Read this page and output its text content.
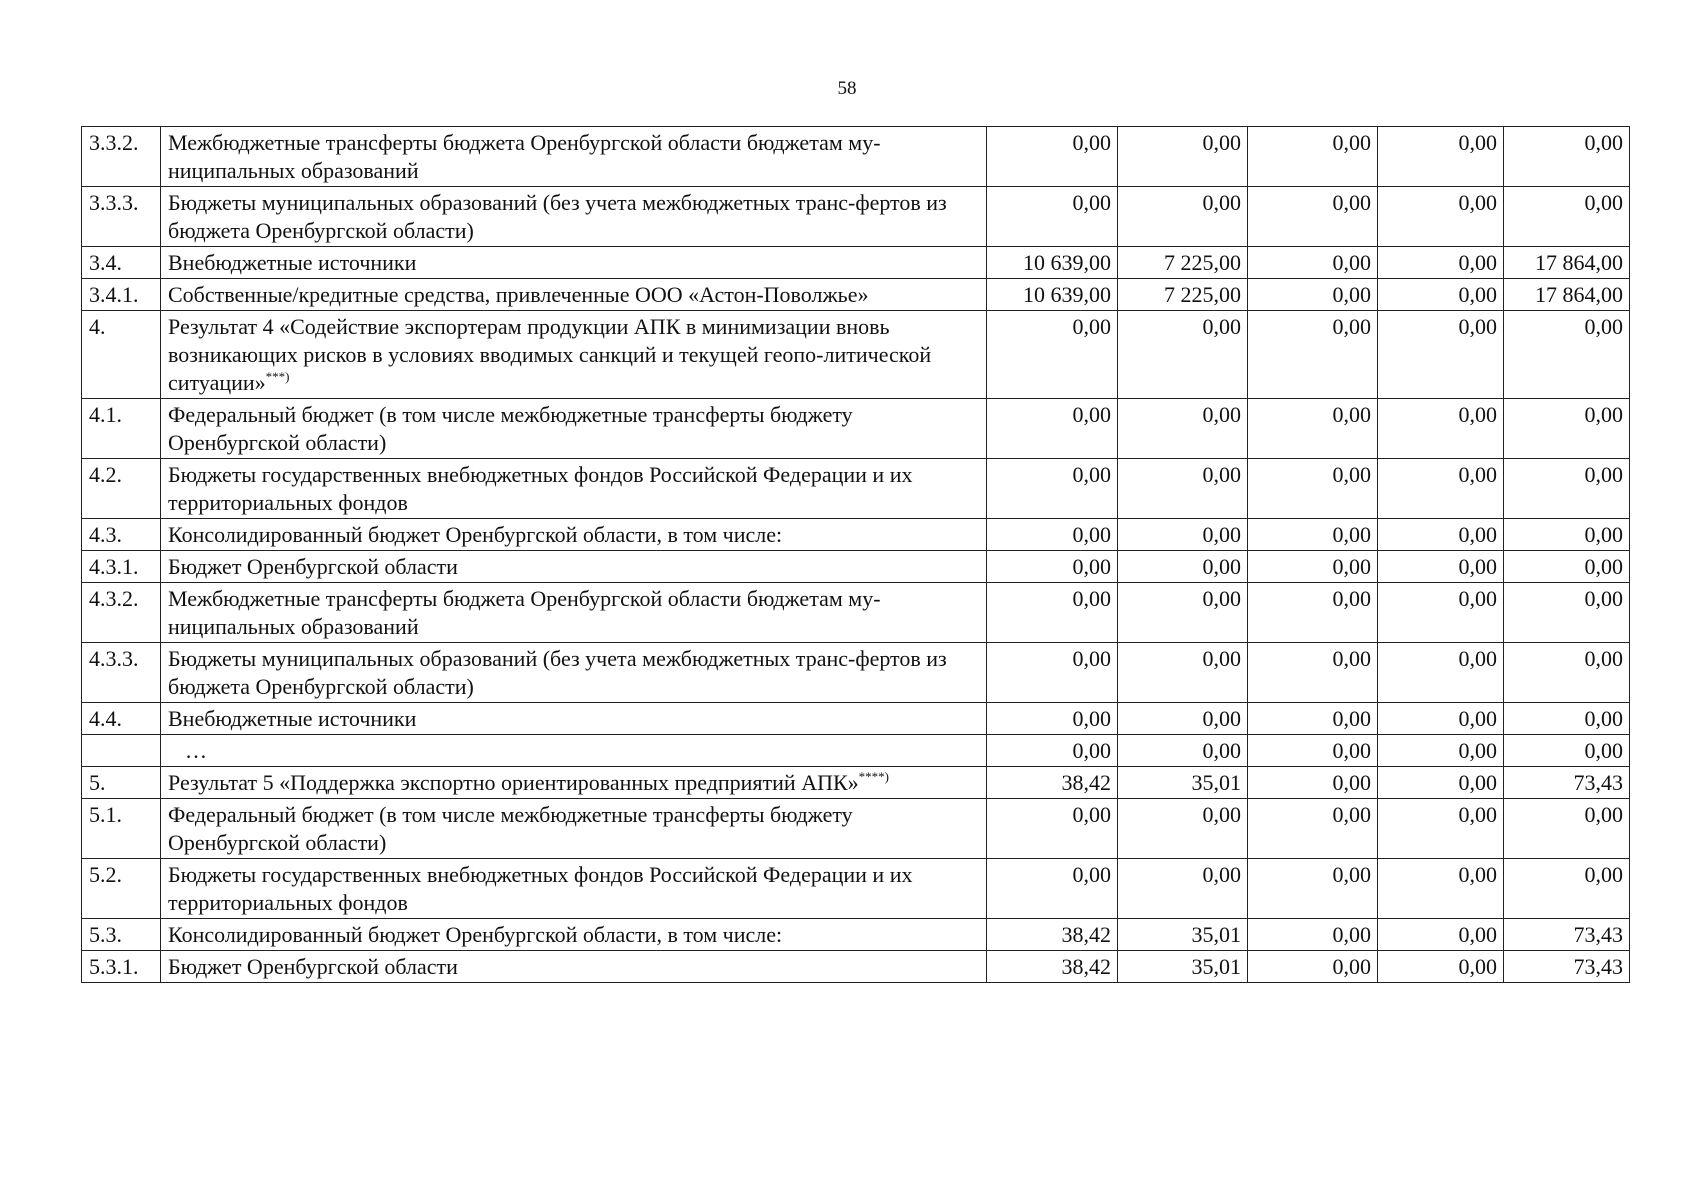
58
3.3.2.	Межбюджетные трансферты бюджета Оренбургской области бюджетам му-ниципальных образований	0,00	0,00	0,00	0,00	0,00
3.3.3.	Бюджеты муниципальных образований (без учета межбюджетных транс-фертов из бюджета Оренбургской области)	0,00	0,00	0,00	0,00	0,00
3.4.	Внебюджетные источники	10 639,00	7 225,00	0,00	0,00	17 864,00
3.4.1.	Собственные/кредитные средства, привлеченные ООО «Астон-Поволжье»	10 639,00	7 225,00	0,00	0,00	17 864,00
4.	Результат 4 «Содействие экспортерам продукции АПК в минимизации вновь возникающих рисков в условиях вводимых санкций и текущей геопо-литической ситуации»***)	0,00	0,00	0,00	0,00	0,00
4.1.	Федеральный бюджет (в том числе межбюджетные трансферты бюджету Оренбургской области)	0,00	0,00	0,00	0,00	0,00
4.2.	Бюджеты государственных внебюджетных фондов Российской Федерации и их территориальных фондов	0,00	0,00	0,00	0,00	0,00
4.3.	Консолидированный бюджет Оренбургской области, в том числе:	0,00	0,00	0,00	0,00	0,00
4.3.1.	Бюджет Оренбургской области	0,00	0,00	0,00	0,00	0,00
4.3.2.	Межбюджетные трансферты бюджета Оренбургской области бюджетам му-ниципальных образований	0,00	0,00	0,00	0,00	0,00
4.3.3.	Бюджеты муниципальных образований (без учета межбюджетных транс-фертов из бюджета Оренбургской области)	0,00	0,00	0,00	0,00	0,00
4.4.	Внебюджетные источники	0,00	0,00	0,00	0,00	0,00
	…	0,00	0,00	0,00	0,00	0,00
5.	Результат 5 «Поддержка экспортно ориентированных предприятий АПК»****)	38,42	35,01	0,00	0,00	73,43
5.1.	Федеральный бюджет (в том числе межбюджетные трансферты бюджету Оренбургской области)	0,00	0,00	0,00	0,00	0,00
5.2.	Бюджеты государственных внебюджетных фондов Российской Федерации и их территориальных фондов	0,00	0,00	0,00	0,00	0,00
5.3.	Консолидированный бюджет Оренбургской области, в том числе:	38,42	35,01	0,00	0,00	73,43
5.3.1.	Бюджет Оренбургской области	38,42	35,01	0,00	0,00	73,43
